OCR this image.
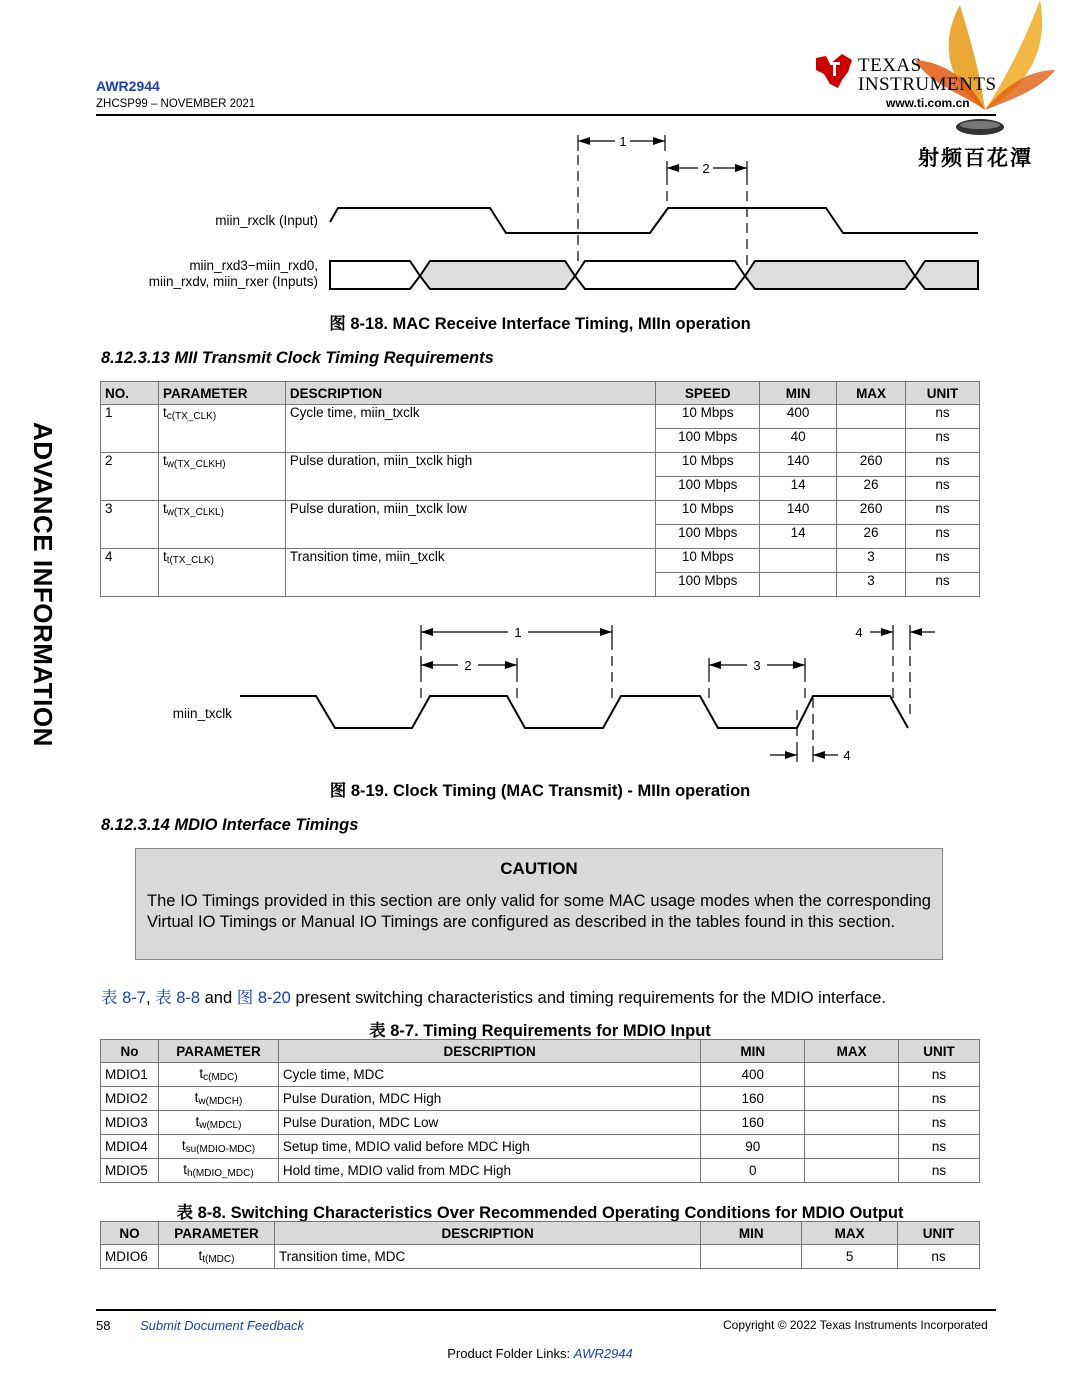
AWR2944
ZHCSP99 – NOVEMBER 2021
TEXAS
INSTRUMENTS
www.ti.com.cn
射频百花潭
ADVANCE INFORMATION
1
2
miin_rxclk (Input)
miin_rxd3−miin_rxd0,
miin_rxdv, miin_rxer (Inputs)
图 8-18. MAC Receive Interface Timing, MIIn operation
8.12.3.13 MII Transmit Clock Timing Requirements
NO.	PARAMETER	DESCRIPTION	SPEED	MIN	MAX	UNIT
1	$t_{c(TX\_CLK)}$	Cycle time, miin_txclk	10 Mbps	400		ns
			100 Mbps	40		ns
2	$t_{w(TX\_CLKH)}$	Pulse duration, miin_txclk high	10 Mbps	140	260	ns
			100 Mbps	14	26	ns
3	$t_{w(TX\_CLKL)}$	Pulse duration, miin_txclk low	10 Mbps	140	260	ns
			100 Mbps	14	26	ns
4	$t_{t(TX\_CLK)}$	Transition time, miin_txclk	10 Mbps		3	ns
			100 Mbps		3	ns
1
2	3
4
4
miin_txclk
图 8-19. Clock Timing (MAC Transmit) - MIIn operation
8.12.3.14 MDIO Interface Timings
CAUTION
The IO Timings provided in this section are only valid for some MAC usage modes when the corresponding Virtual IO Timings or Manual IO Timings are configured as described in the tables found in this section.
表 8-7, 表 8-8 and 图 8-20 present switching characteristics and timing requirements for the MDIO interface.
表 8-7. Timing Requirements for MDIO Input
No	PARAMETER	DESCRIPTION	MIN	MAX	UNIT
MDIO1	$t_{c(MDC)}$	Cycle time, MDC	400		ns
MDIO2	$t_{w(MDCH)}$	Pulse Duration, MDC High	160		ns
MDIO3	$t_{w(MDCL)}$	Pulse Duration, MDC Low	160		ns
MDIO4	$t_{su(MDIO-MDC)}$	Setup time, MDIO valid before MDC High	90		ns
MDIO5	$t_{h(MDIO\_MDC)}$	Hold time, MDIO valid from MDC High	0		ns
表 8-8. Switching Characteristics Over Recommended Operating Conditions for MDIO Output
NO	PARAMETER	DESCRIPTION	MIN	MAX	UNIT
MDIO6	$t_{t(MDC)}$	Transition time, MDC		5	ns
58 Submit Document Feedback	Copyright © 2022 Texas Instruments Incorporated
Product Folder Links: AWR2944
